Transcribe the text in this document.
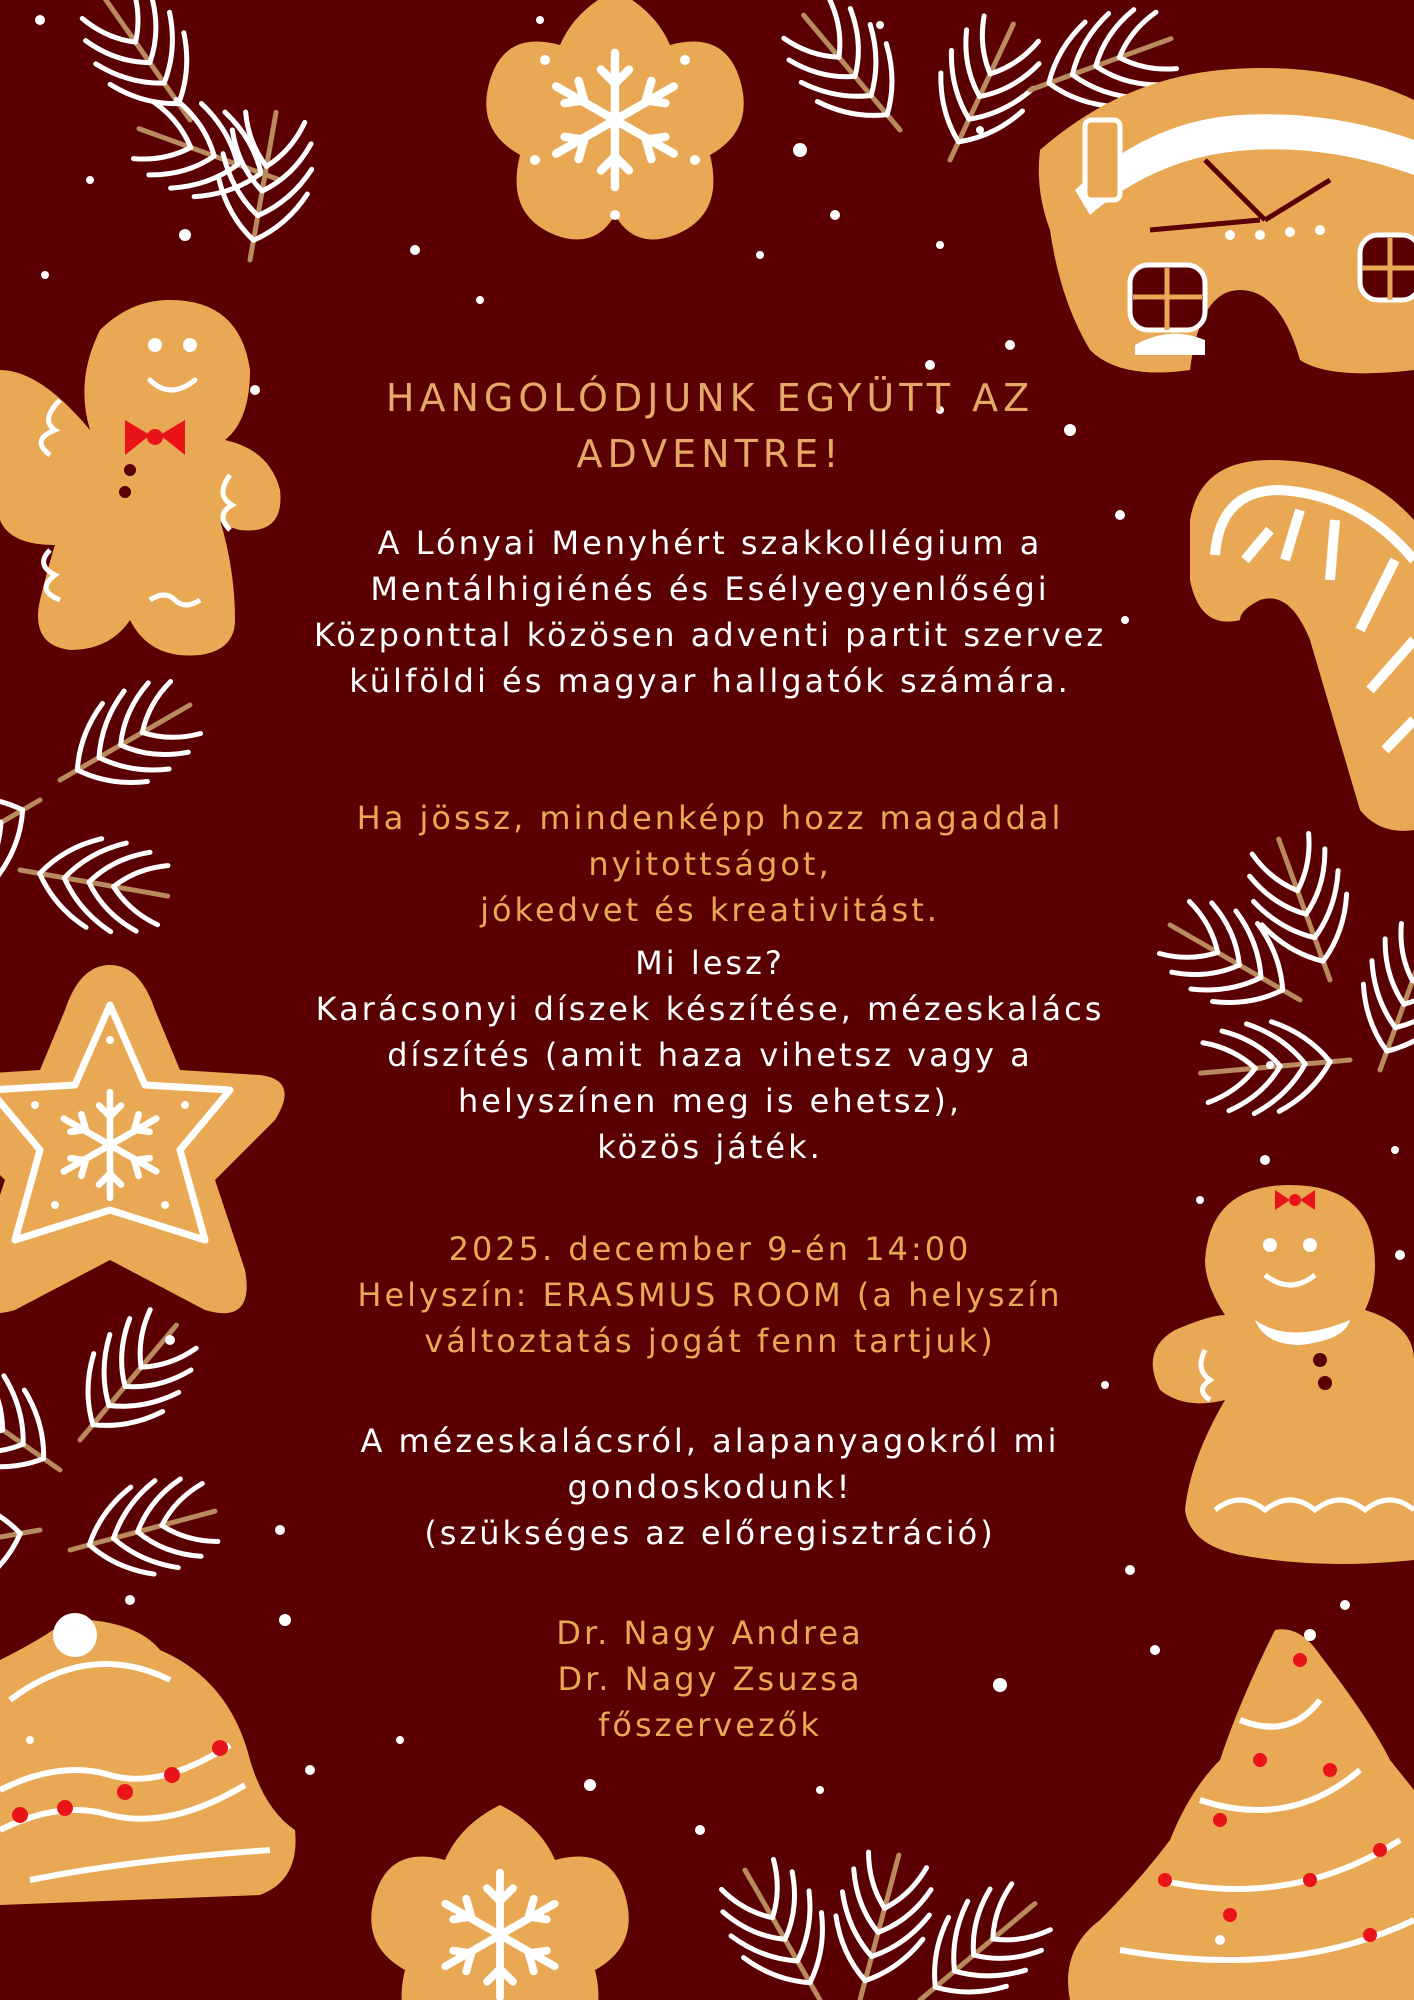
HANGOLÓDJUNK EGYÜTT AZ
ADVENTRE!
A Lónyai Menyhért szakkollégium a
Mentálhigiénés és Esélyegyenlőségi
Központtal közösen adventi partit szervez
külföldi és magyar hallgatók számára.
Ha jössz, mindenképp hozz magaddal nyitottságot,
jókedvet és kreativitást.
Mi lesz?
Karácsonyi díszek készítése, mézeskalács
díszítés (amit haza vihetsz vagy a
helyszínen meg is ehetsz),
közös játék.
2025. december 9-én 14:00
Helyszín: ERASMUS ROOM (a helyszín
változtatás jogát fenn tartjuk)
A mézeskalácsról, alapanyagokról mi
gondoskodunk!
(szükséges az előregisztráció)
Dr. Nagy Andrea
Dr. Nagy Zsuzsa
főszervezők
